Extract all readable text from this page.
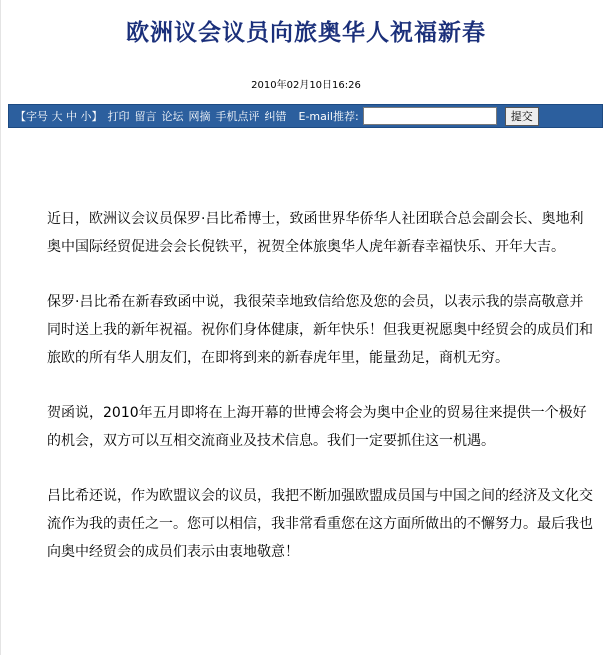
欧洲议会议员向旅奥华人祝福新春
2010年02月10日16:26
【字号 大 中 小】 打印 留言 论坛 网摘 手机点评 纠错 E-mail推荐:	提交

近日，欧洲议会议员保罗·吕比希博士，致函世界华侨华人社团联合总会副会长、奥地利奥中国际经贸促进会会长倪铁平，祝贺全体旅奥华人虎年新春幸福快乐、开年大吉。

保罗·吕比希在新春致函中说，我很荣幸地致信给您及您的会员，以表示我的崇高敬意并同时送上我的新年祝福。祝你们身体健康，新年快乐！但我更祝愿奥中经贸会的成员们和旅欧的所有华人朋友们，在即将到来的新春虎年里，能量劲足，商机无穷。

贺函说，2010年五月即将在上海开幕的世博会将会为奥中企业的贸易往来提供一个极好的机会，双方可以互相交流商业及技术信息。我们一定要抓住这一机遇。

吕比希还说，作为欧盟议会的议员，我把不断加强欧盟成员国与中国之间的经济及文化交流作为我的责任之一。您可以相信，我非常看重您在这方面所做出的不懈努力。最后我也向奥中经贸会的成员们表示由衷地敬意！
